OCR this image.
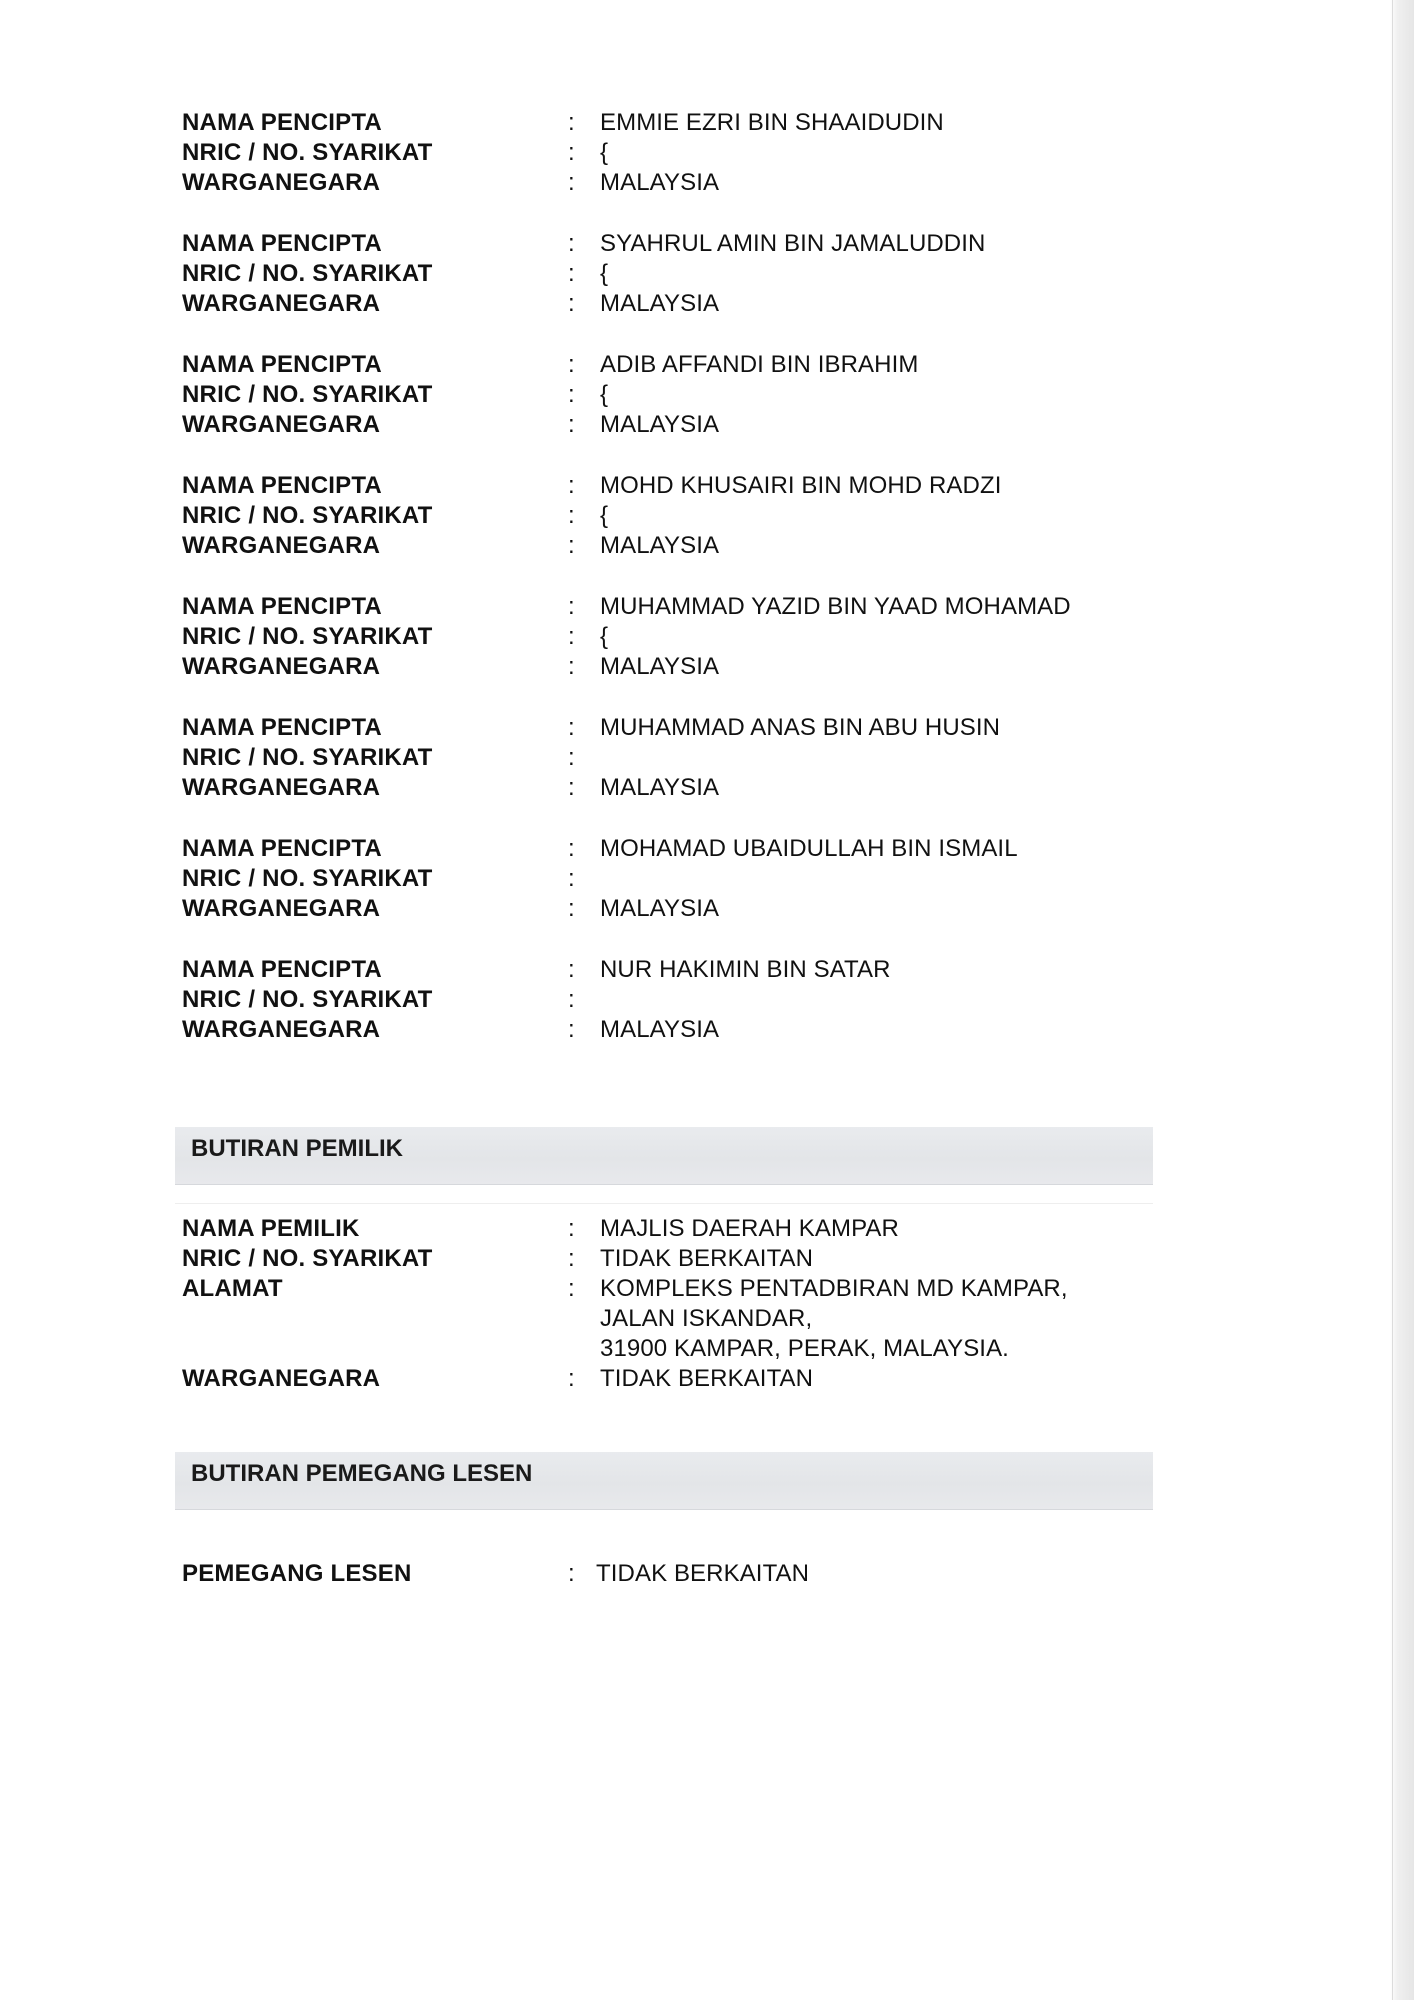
NAMA PENCIPTA	: EMMIE EZRI BIN SHAAIDUDIN
NRIC / NO. SYARIKAT	: {
WARGANEGARA	: MALAYSIA
NAMA PENCIPTA	: SYAHRUL AMIN BIN JAMALUDDIN
NRIC / NO. SYARIKAT	: {
WARGANEGARA	: MALAYSIA
NAMA PENCIPTA	: ADIB AFFANDI BIN IBRAHIM
NRIC / NO. SYARIKAT	: {
WARGANEGARA	: MALAYSIA
NAMA PENCIPTA	: MOHD KHUSAIRI BIN MOHD RADZI
NRIC / NO. SYARIKAT	: {
WARGANEGARA	: MALAYSIA
NAMA PENCIPTA	: MUHAMMAD YAZID BIN YAAD MOHAMAD
NRIC / NO. SYARIKAT	: {
WARGANEGARA	: MALAYSIA
NAMA PENCIPTA	: MUHAMMAD ANAS BIN ABU HUSIN
NRIC / NO. SYARIKAT	:
WARGANEGARA	: MALAYSIA
NAMA PENCIPTA	: MOHAMAD UBAIDULLAH BIN ISMAIL
NRIC / NO. SYARIKAT	:
WARGANEGARA	: MALAYSIA
NAMA PENCIPTA	: NUR HAKIMIN BIN SATAR
NRIC / NO. SYARIKAT	:
WARGANEGARA	: MALAYSIA
BUTIRAN PEMILIK
NAMA PEMILIK	: MAJLIS DAERAH KAMPAR
NRIC / NO. SYARIKAT	: TIDAK BERKAITAN
ALAMAT	: KOMPLEKS PENTADBIRAN MD KAMPAR,
JALAN ISKANDAR,
31900 KAMPAR, PERAK, MALAYSIA.
WARGANEGARA	: TIDAK BERKAITAN
BUTIRAN PEMEGANG LESEN
PEMEGANG LESEN	: TIDAK BERKAITAN
